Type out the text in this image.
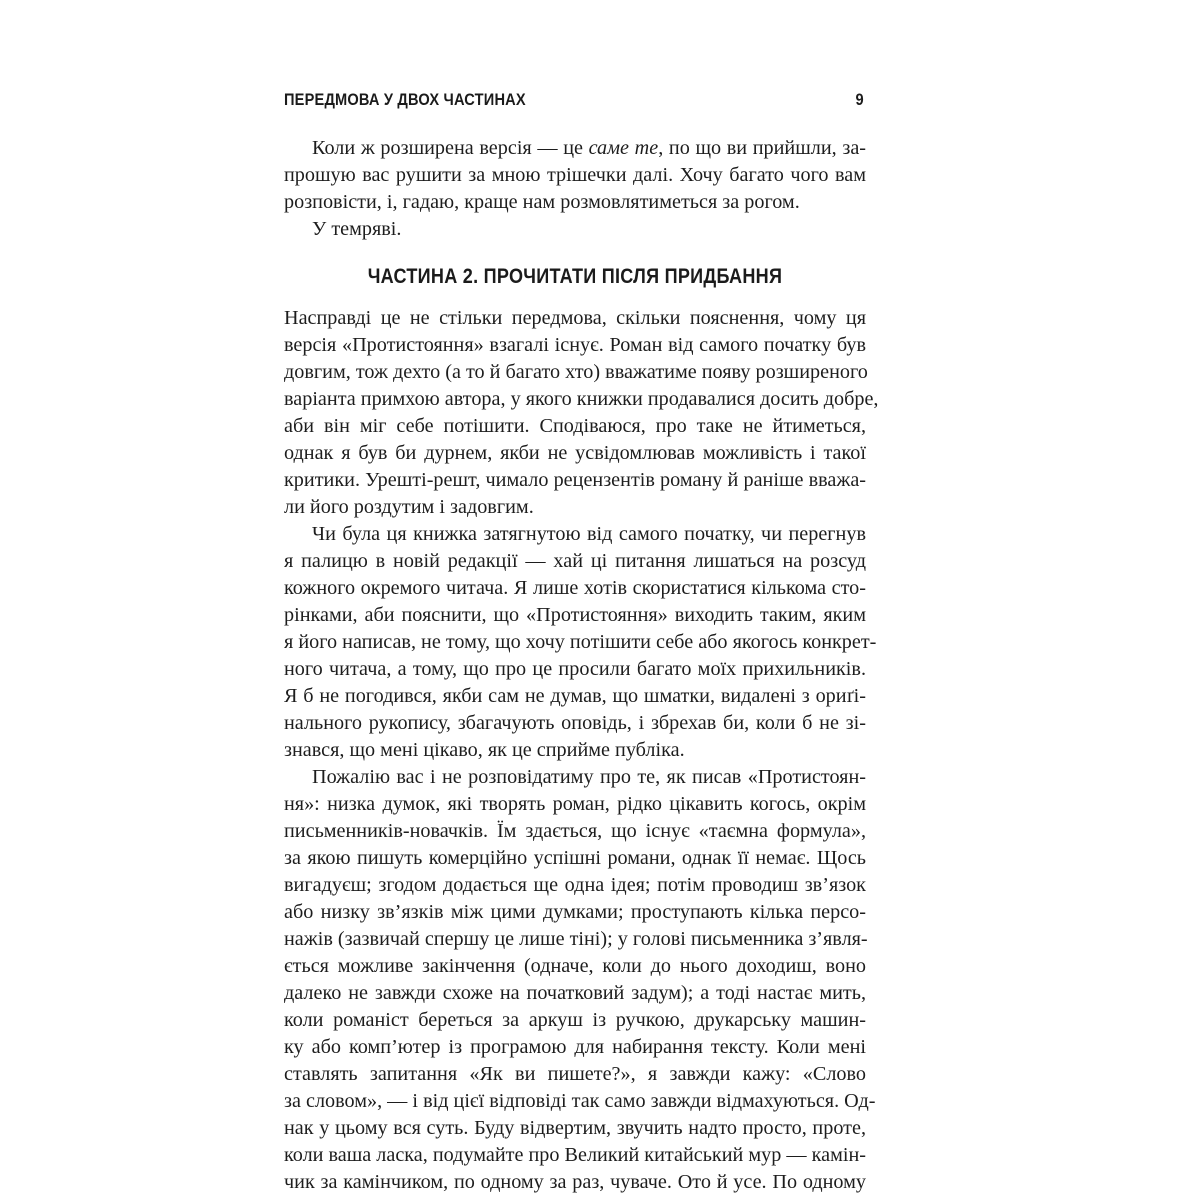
ПЕРЕДМОВА У ДВОХ ЧАСТИНАХ	9
Коли ж розширена версія — це саме те, по що ви прийшли, за-
прошую вас рушити за мною трішечки далі. Хочу багато чого вам
розповісти, і, гадаю, краще нам розмовлятиметься за рогом.
У темряві.
ЧАСТИНА 2. ПРОЧИТАТИ ПІСЛЯ ПРИДБАННЯ
Насправді це не стільки передмова, скільки пояснення, чому ця
версія «Протистояння» взагалі існує. Роман від самого початку був
довгим, тож дехто (а то й багато хто) вважатиме появу розширеного
варіанта примхою автора, у якого книжки продавалися досить добре,
аби він міг себе потішити. Сподіваюся, про таке не йтиметься,
однак я був би дурнем, якби не усвідомлював можливість і такої
критики. Урешті-решт, чимало рецензентів роману й раніше вважа-
ли його роздутим і задовгим.
Чи була ця книжка затягнутою від самого початку, чи перегнув
я палицю в новій редакції — хай ці питання лишаться на розсуд
кожного окремого читача. Я лише хотів скористатися кількома сто-
рінками, аби пояснити, що «Протистояння» виходить таким, яким
я його написав, не тому, що хочу потішити себе або якогось конкрет-
ного читача, а тому, що про це просили багато моїх прихильників.
Я б не погодився, якби сам не думав, що шматки, видалені з ориґі-
нального рукопису, збагачують оповідь, і збрехав би, коли б не зі-
знався, що мені цікаво, як це сприйме публіка.
Пожалію вас і не розповідатиму про те, як писав «Протистоян-
ня»: низка думок, які творять роман, рідко цікавить когось, окрім
письменників-новачків. Їм здається, що існує «таємна формула»,
за якою пишуть комерційно успішні романи, однак її немає. Щось
вигадуєш; згодом додається ще одна ідея; потім проводиш зв’язок
або низку зв’язків між цими думками; проступають кілька персо-
нажів (зазвичай спершу це лише тіні); у голові письменника з’явля-
ється можливе закінчення (одначе, коли до нього доходиш, воно
далеко не завжди схоже на початковий задум); а тоді настає мить,
коли романіст береться за аркуш із ручкою, друкарську машин-
ку або комп’ютер із програмою для набирання тексту. Коли мені
ставлять запитання «Як ви пишете?», я завжди кажу: «Слово
за словом», — і від цієї відповіді так само завжди відмахуються. Од-
нак у цьому вся суть. Буду відвертим, звучить надто просто, проте,
коли ваша ласка, подумайте про Великий китайський мур — камін-
чик за камінчиком, по одному за раз, чуваче. Ото й усе. По одному
